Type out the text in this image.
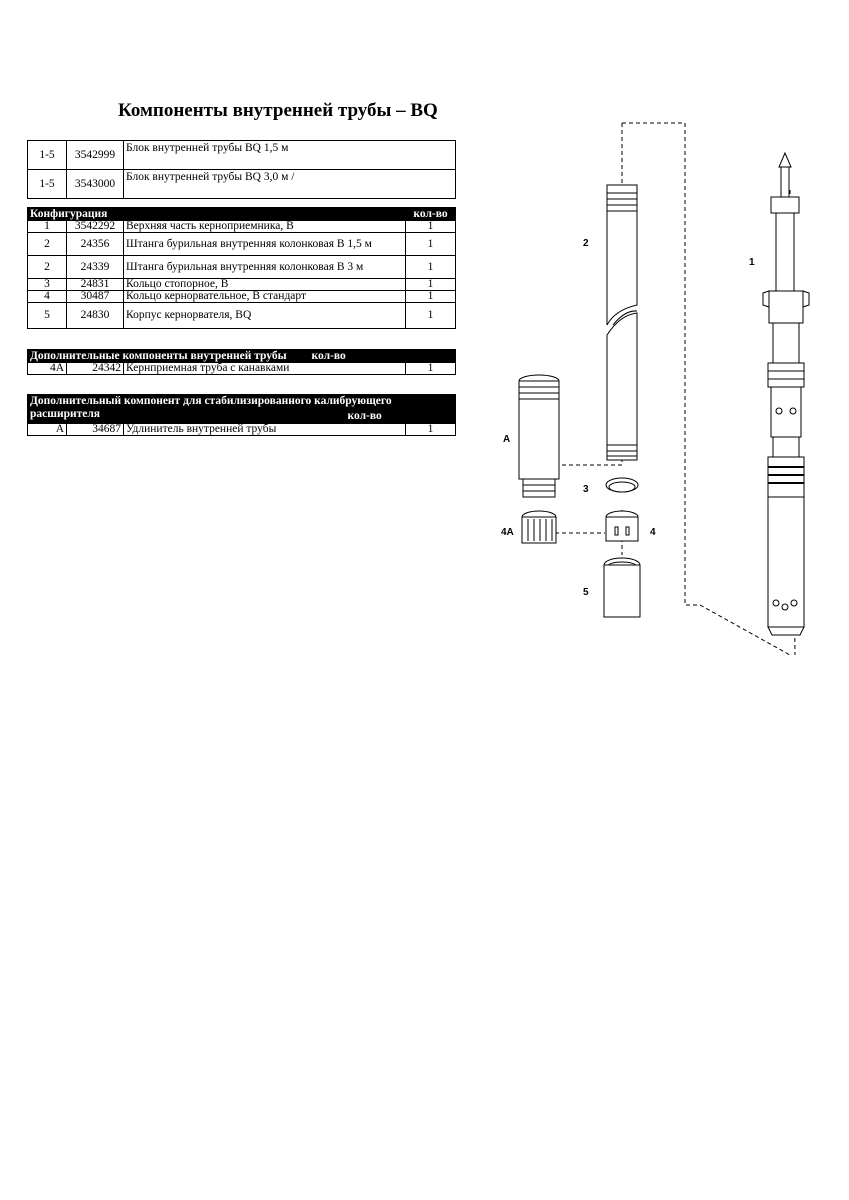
Компоненты внутренней трубы – BQ
1-5	3542999	Блок внутренней трубы BQ 1,5 м
1-5	3543000	Блок внутренней трубы BQ 3,0 м /
Конфигурация			кол-во
1	3542292	Верхняя часть керноприемника, B	1
2	24356	Штанга бурильная внутренняя колонковая B 1,5 м	1
2	24339	Штанга бурильная внутренняя колонковая B 3 м	1
3	24831	Кольцо стопорное, B	1
4	30487	Кольцо кернорвательное, B стандарт	1
5	24830	Корпус кернорвателя, BQ	1
Дополнительные компоненты внутренней трубы кол-во			
4A	24342	Кернприемная труба с канавками	1
Дополнительный компонент для стабилизированного калибрующего расширителя	кол-во

A	34687	Удлинитель внутренней трубы	1
2
1
A
3
4A	4
5
